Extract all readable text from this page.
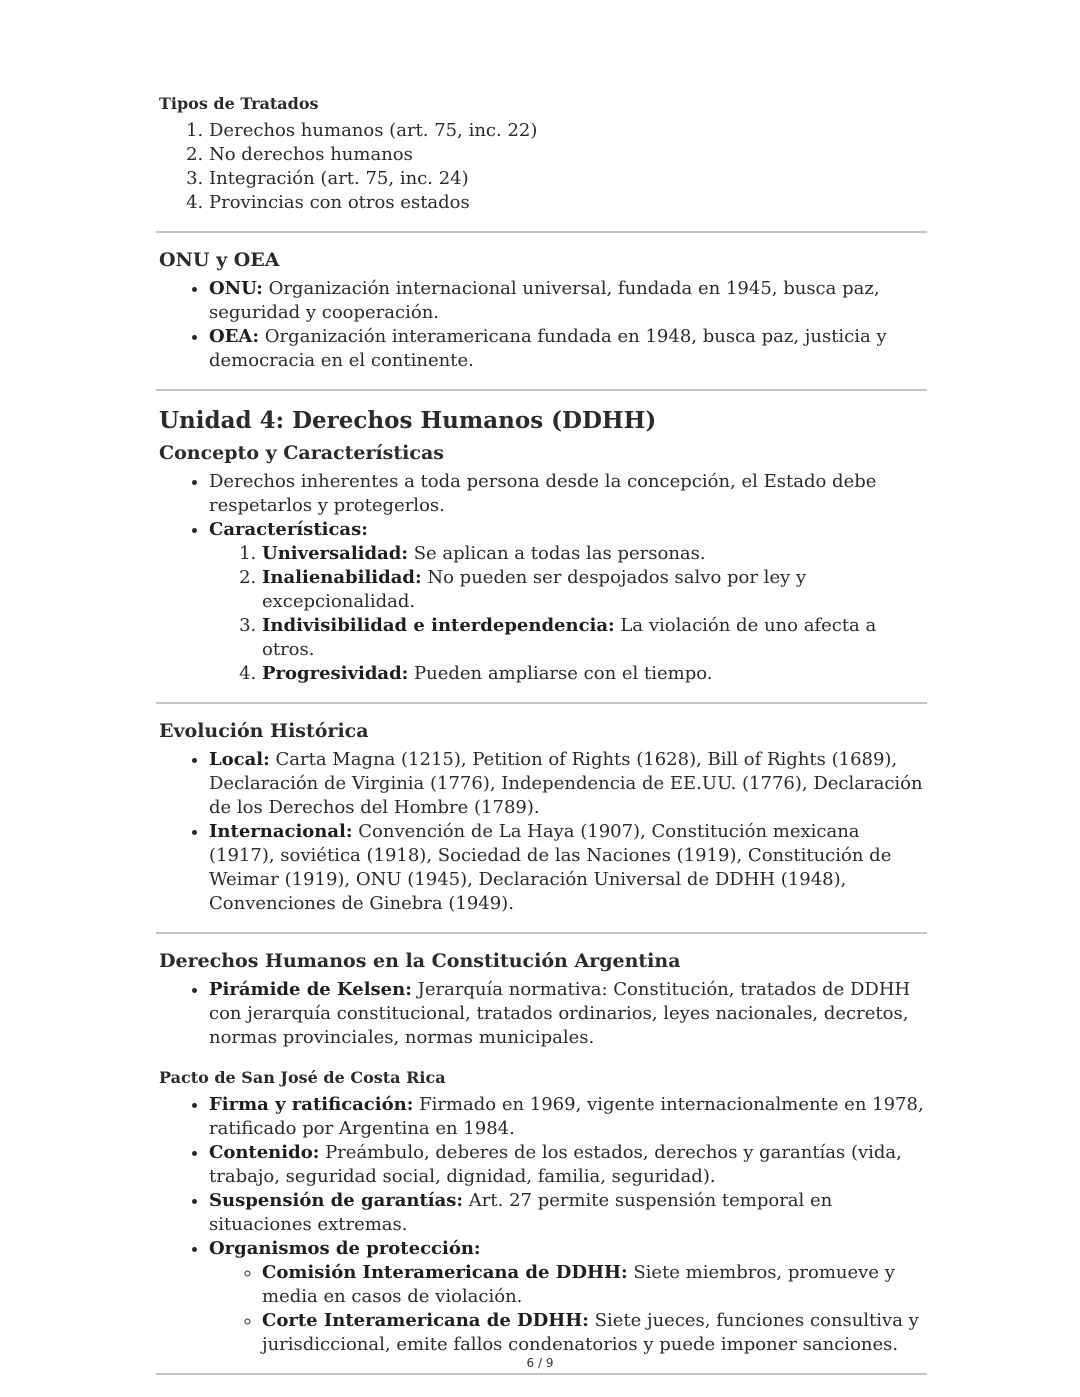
Tipos de Tratados
1. Derechos humanos (art. 75, inc. 22)
2. No derechos humanos
3. Integración (art. 75, inc. 24)
4. Provincias con otros estados
ONU y OEA
• ONU: Organización internacional universal, fundada en 1945, busca paz, seguridad y cooperación.
• OEA: Organización interamericana fundada en 1948, busca paz, justicia y democracia en el continente.
Unidad 4: Derechos Humanos (DDHH)
Concepto y Características
• Derechos inherentes a toda persona desde la concepción, el Estado debe respetarlos y protegerlos.
• Características:
1. Universalidad: Se aplican a todas las personas.
2. Inalienabilidad: No pueden ser despojados salvo por ley y excepcionalidad.
3. Indivisibilidad e interdependencia: La violación de uno afecta a otros.
4. Progresividad: Pueden ampliarse con el tiempo.
Evolución Histórica
• Local: Carta Magna (1215), Petition of Rights (1628), Bill of Rights (1689), Declaración de Virginia (1776), Independencia de EE.UU. (1776), Declaración de los Derechos del Hombre (1789).
• Internacional: Convención de La Haya (1907), Constitución mexicana (1917), soviética (1918), Sociedad de las Naciones (1919), Constitución de Weimar (1919), ONU (1945), Declaración Universal de DDHH (1948), Convenciones de Ginebra (1949).
Derechos Humanos en la Constitución Argentina
• Pirámide de Kelsen: Jerarquía normativa: Constitución, tratados de DDHH con jerarquía constitucional, tratados ordinarios, leyes nacionales, decretos, normas provinciales, normas municipales.
Pacto de San José de Costa Rica
• Firma y ratificación: Firmado en 1969, vigente internacionalmente en 1978, ratificado por Argentina en 1984.
• Contenido: Preámbulo, deberes de los estados, derechos y garantías (vida, trabajo, seguridad social, dignidad, familia, seguridad).
• Suspensión de garantías: Art. 27 permite suspensión temporal en situaciones extremas.
• Organismos de protección:
◦ Comisión Interamericana de DDHH: Siete miembros, promueve y media en casos de violación.
◦ Corte Interamericana de DDHH: Siete jueces, funciones consultiva y jurisdiccional, emite fallos condenatorios y puede imponer sanciones.
6 / 9
